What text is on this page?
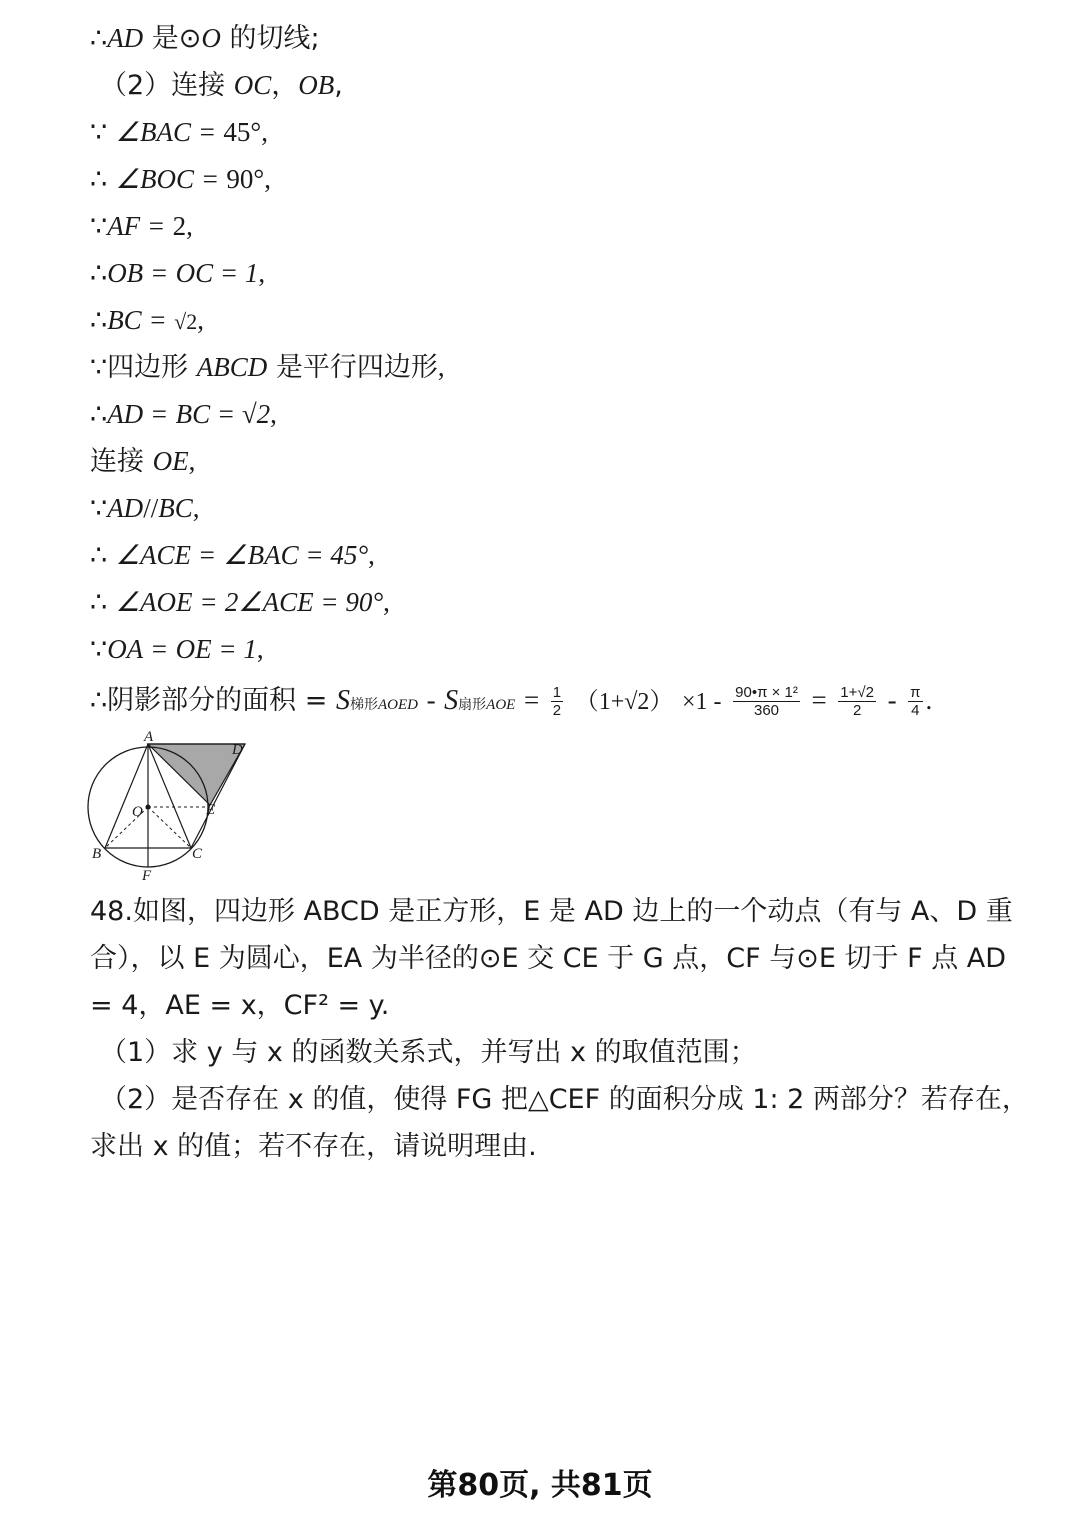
∴AD 是⊙O 的切线;
（2）连接 OC，OB,
∵ ∠BAC = 45°,
∴ ∠BOC = 90°,
∵AF = 2,
∴OB = OC = 1,
∴BC = √2,
∵四边形 ABCD 是平行四边形,
∴AD = BC = √2,
连接 OE,
∵AD//BC,
∴ ∠ACE = ∠BAC = 45°,
∴ ∠AOE = 2∠ACE = 90°,
∵OA = OE = 1,
∴阴影部分的面积 = S梯形AOED - S扇形AOE = $\frac{1}{2} (1+√2) \times 1 - \frac{\text{90•π × 1²}}{360} = \frac{1+√2}{2} - \frac{\pi}{4}$ .
A
D
O	E
B	C
F
48.如图，四边形 ABCD 是正方形，E 是 AD 边上的一个动点（有与 A、D 重
合），以 E 为圆心，EA 为半径的⊙E 交 CE 于 G 点，CF 与⊙E 切于 F 点 AD
= 4，AE = x，CF² = y.
（1）求 y 与 x 的函数关系式，并写出 x 的取值范围；
（2）是否存在 x 的值，使得 FG 把△CEF 的面积分成 1: 2 两部分？若存在，
求出 x 的值；若不存在，请说明理由.
第80页, 共81页
